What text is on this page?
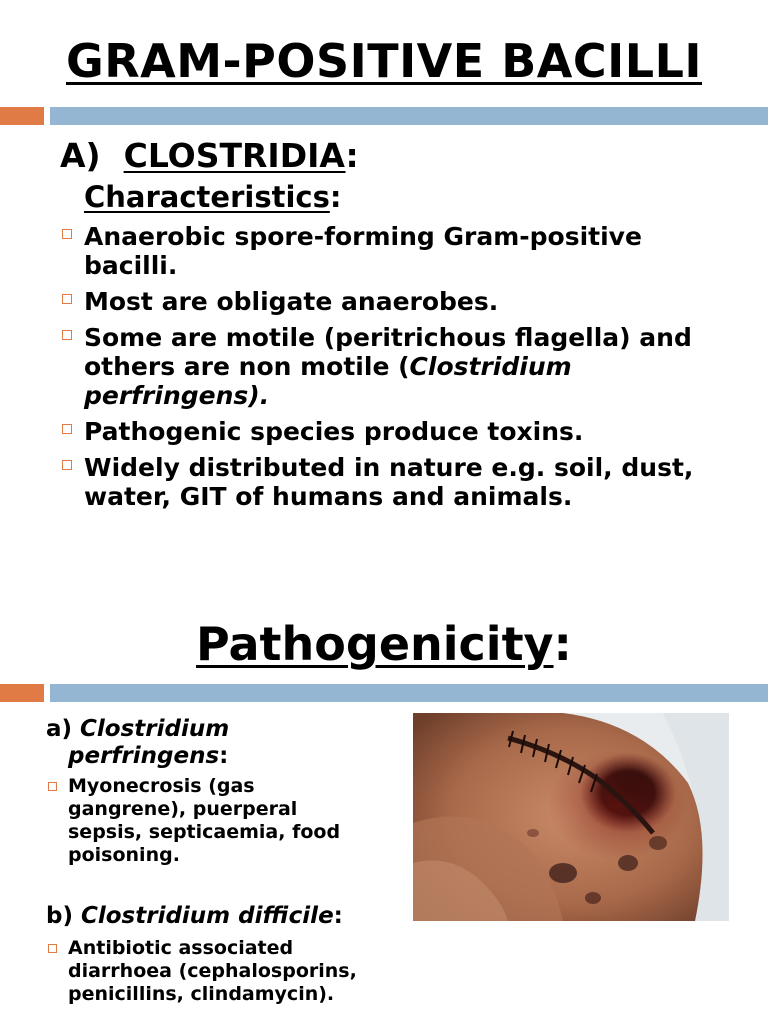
GRAM-POSITIVE BACILLI
A)  CLOSTRIDIA:
Characteristics:
Anaerobic spore-forming Gram-positive bacilli.
Most are obligate anaerobes.
Some are motile (peritrichous flagella) and others are non motile (Clostridium perfringens).
Pathogenic species produce toxins.
Widely distributed in nature e.g. soil, dust, water, GIT of humans and animals.
Pathogenicity:
a) Clostridium
perfringens:
Myonecrosis (gas gangrene), puerperal sepsis, septicaemia, food poisoning.
b) Clostridium difficile:
Antibiotic associated diarrhoea (cephalosporins, penicillins, clindamycin).
